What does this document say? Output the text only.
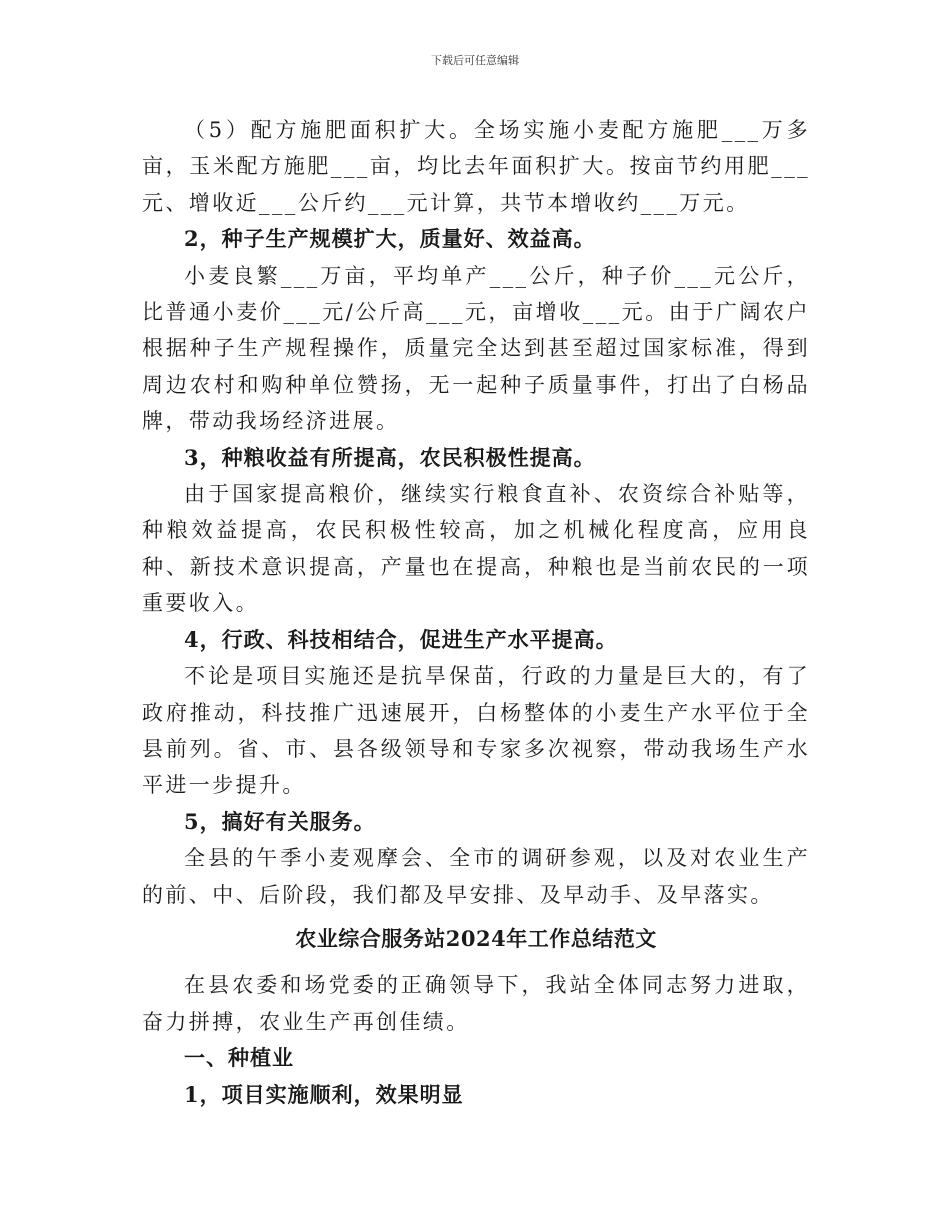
下载后可任意编辑

（5）配方施肥面积扩大。全场实施小麦配方施肥___万多亩，玉米配方施肥___亩，均比去年面积扩大。按亩节约用肥___元、增收近___公斤约___元计算，共节本增收约___万元。

2，种子生产规模扩大，质量好、效益高。

小麦良繁___万亩，平均单产___公斤，种子价___元公斤，比普通小麦价___元/公斤高___元，亩增收___元。由于广阔农户根据种子生产规程操作，质量完全达到甚至超过国家标准，得到周边农村和购种单位赞扬，无一起种子质量事件，打出了白杨品牌，带动我场经济进展。

3，种粮收益有所提高，农民积极性提高。

由于国家提高粮价，继续实行粮食直补、农资综合补贴等，种粮效益提高，农民积极性较高，加之机械化程度高，应用良种、新技术意识提高，产量也在提高，种粮也是当前农民的一项重要收入。

4，行政、科技相结合，促进生产水平提高。

不论是项目实施还是抗旱保苗，行政的力量是巨大的，有了政府推动，科技推广迅速展开，白杨整体的小麦生产水平位于全县前列。省、市、县各级领导和专家多次视察，带动我场生产水平进一步提升。

5，搞好有关服务。

全县的午季小麦观摩会、全市的调研参观，以及对农业生产的前、中、后阶段，我们都及早安排、及早动手、及早落实。

农业综合服务站2024年工作总结范文

在县农委和场党委的正确领导下，我站全体同志努力进取，奋力拼搏，农业生产再创佳绩。

一、种植业

1，项目实施顺利，效果明显
